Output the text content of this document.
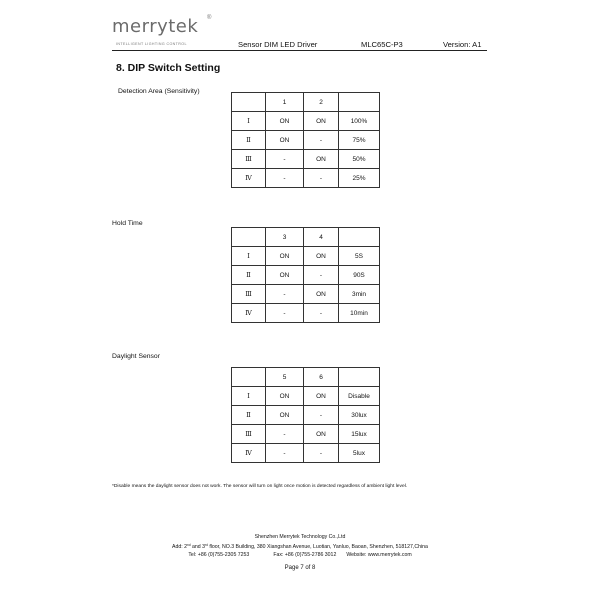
merrytek ®
INTELLIGENT LIGHTING CONTROL	Sensor DIM LED Driver	MLC65C-P3	Version: A1
8. DIP Switch Setting
Detection Area (Sensitivity)
	1	2	
Ⅰ	ON	ON	100%
Ⅱ	ON	-	75%
Ⅲ	-	ON	50%
Ⅳ	-	-	25%
Hold Time
	3	4	
Ⅰ	ON	ON	5S
Ⅱ	ON	-	90S
Ⅲ	-	ON	3min
Ⅳ	-	-	10min
Daylight Sensor
	5	6	
Ⅰ	ON	ON	Disable
Ⅱ	ON	-	30lux
Ⅲ	-	ON	15lux
Ⅳ	-	-	5lux
*Disable means the daylight sensor does not work. The sensor will turn on light once motion is detected regardless of ambient light level.
Shenzhen Merrytek Technology Co.,Ltd
Add: 2nd and 3rd floor, NO.3 Building, 380 Xiangshan Avenue, Luotian, Yanluo, Baoan, Shenzhen, 518127,China
Tel: +86 (0)755-2305 7253	Fax: +86 (0)755-2786 3012 Website: www.merrytek.com
Page 7 of 8
